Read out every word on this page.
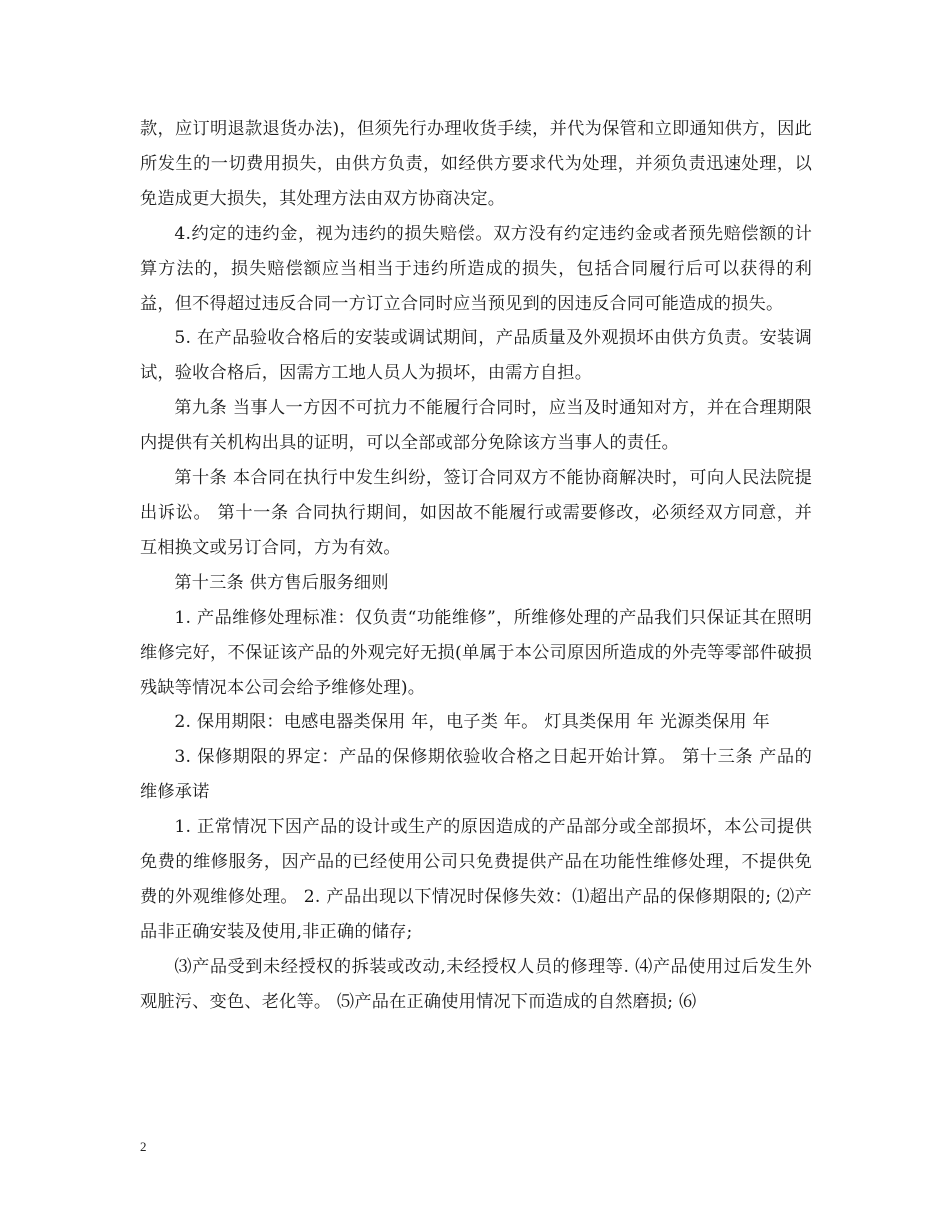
款，应订明退款退货办法)，但须先行办理收货手续，并代为保管和立即通知供方，因此所发生的一切费用损失，由供方负责，如经供方要求代为处理，并须负责迅速处理，以免造成更大损失，其处理方法由双方协商决定。

4.约定的违约金，视为违约的损失赔偿。双方没有约定违约金或者预先赔偿额的计算方法的，损失赔偿额应当相当于违约所造成的损失，包括合同履行后可以获得的利益，但不得超过违反合同一方订立合同时应当预见到的因违反合同可能造成的损失。

5. 在产品验收合格后的安装或调试期间，产品质量及外观损坏由供方负责。安装调试，验收合格后，因需方工地人员人为损坏，由需方自担。

第九条 当事人一方因不可抗力不能履行合同时，应当及时通知对方，并在合理期限内提供有关机构出具的证明，可以全部或部分免除该方当事人的责任。

第十条 本合同在执行中发生纠纷，签订合同双方不能协商解决时，可向人民法院提出诉讼。 第十一条 合同执行期间，如因故不能履行或需要修改，必须经双方同意，并互相换文或另订合同，方为有效。

第十三条 供方售后服务细则

1. 产品维修处理标准：仅负责“功能维修”，所维修处理的产品我们只保证其在照明维修完好，不保证该产品的外观完好无损(单属于本公司原因所造成的外壳等零部件破损残缺等情况本公司会给予维修处理)。

2. 保用期限：电感电器类保用 年，电子类 年。 灯具类保用 年 光源类保用 年

3. 保修期限的界定：产品的保修期依验收合格之日起开始计算。 第十三条 产品的维修承诺

1. 正常情况下因产品的设计或生产的原因造成的产品部分或全部损坏，本公司提供免费的维修服务，因产品的已经使用公司只免费提供产品在功能性维修处理，不提供免费的外观维修处理。 2. 产品出现以下情况时保修失效：⑴超出产品的保修期限的; ⑵产品非正确安装及使用,非正确的储存;

⑶产品受到未经授权的拆装或改动,未经授权人员的修理等. ⑷产品使用过后发生外观脏污、变色、老化等。 ⑸产品在正确使用情况下而造成的自然磨损; ⑹

2
